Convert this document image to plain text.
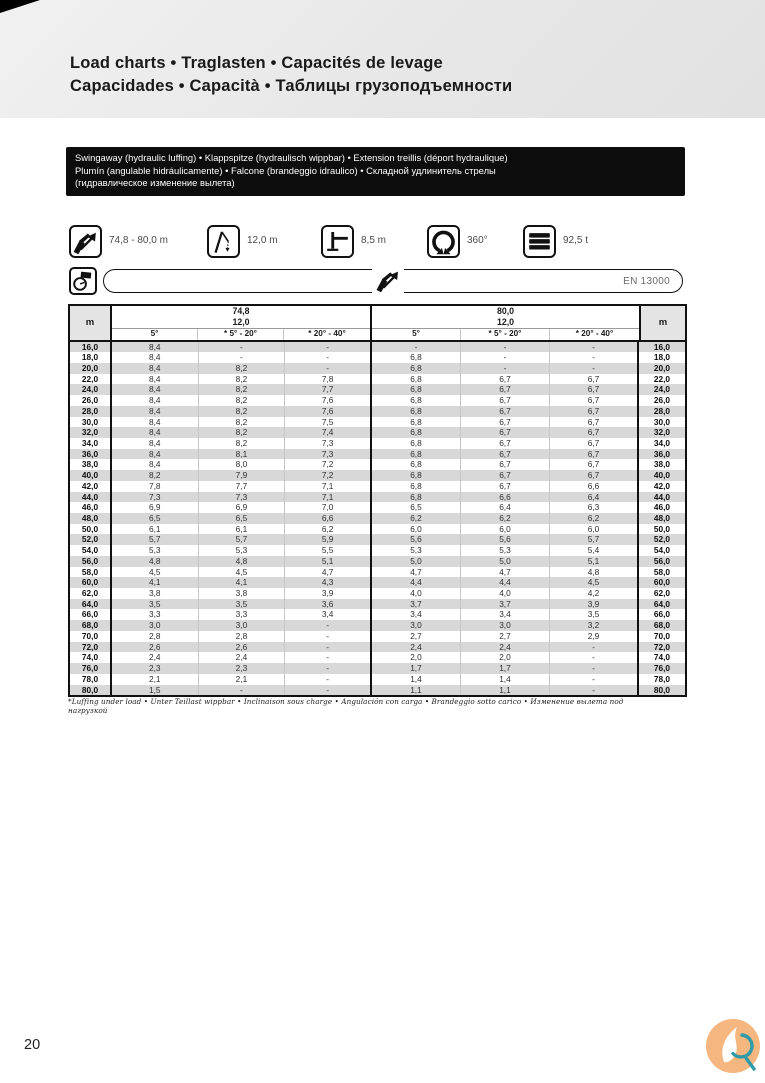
Load charts • Traglasten • Capacités de levage
Capacidades • Capacità • Таблицы грузоподъемности
Swingaway (hydraulic luffing) • Klappspitze (hydraulisch wippbar) • Extension treillis (déport hydraulique)
Plumín (angulable hidráulicamente) • Falcone (brandeggio idraulico) • Складной удлинитель стрелы
(гидравлическое изменение вылета)
74,8 - 80,0 m	12,0 m	8,5 m	360°	92,5 t
EN 13000
m
74,8
12,0
5°	* 5° - 20°	* 20° - 40°
80,0
12,0
5°	* 5° - 20°	* 20° - 40°
m
16,0	8,4	-	-	-	-	-	16,0
18,0	8,4	-	-	6,8	-	-	18,0
20,0	8,4	8,2	-	6,8	-	-	20,0
22,0	8,4	8,2	7,8	6,8	6,7	6,7	22,0
24,0	8,4	8,2	7,7	6,8	6,7	6,7	24,0
26,0	8,4	8,2	7,6	6,8	6,7	6,7	26,0
28,0	8,4	8,2	7,6	6,8	6,7	6,7	28,0
30,0	8,4	8,2	7,5	6,8	6,7	6,7	30,0
32,0	8,4	8,2	7,4	6,8	6,7	6,7	32,0
34,0	8,4	8,2	7,3	6,8	6,7	6,7	34,0
36,0	8,4	8,1	7,3	6,8	6,7	6,7	36,0
38,0	8,4	8,0	7,2	6,8	6,7	6,7	38,0
40,0	8,2	7,9	7,2	6,8	6,7	6,7	40,0
42,0	7,8	7,7	7,1	6,8	6,7	6,6	42,0
44,0	7,3	7,3	7,1	6,8	6,6	6,4	44,0
46,0	6,9	6,9	7,0	6,5	6,4	6,3	46,0
48,0	6,5	6,5	6,6	6,2	6,2	6,2	48,0
50,0	6,1	6,1	6,2	6,0	6,0	6,0	50,0
52,0	5,7	5,7	5,9	5,6	5,6	5,7	52,0
54,0	5,3	5,3	5,5	5,3	5,3	5,4	54,0
56,0	4,8	4,8	5,1	5,0	5,0	5,1	56,0
58,0	4,5	4,5	4,7	4,7	4,7	4,8	58,0
60,0	4,1	4,1	4,3	4,4	4,4	4,5	60,0
62,0	3,8	3,8	3,9	4,0	4,0	4,2	62,0
64,0	3,5	3,5	3,6	3,7	3,7	3,9	64,0
66,0	3,3	3,3	3,4	3,4	3,4	3,5	66,0
68,0	3,0	3,0	-	3,0	3,0	3,2	68,0
70,0	2,8	2,8	-	2,7	2,7	2,9	70,0
72,0	2,6	2,6	-	2,4	2,4	-	72,0
74,0	2,4	2,4	-	2,0	2,0	-	74,0
76,0	2,3	2,3	-	1,7	1,7	-	76,0
78,0	2,1	2,1	-	1,4	1,4	-	78,0
80,0	1,5	-	-	1,1	1,1	-	80,0
*Luffing under load • Unter Teillast wippbar • Inclinaison sous charge • Angulación con carga • Brandeggio sotto carico • Изменение вылета под нагрузкой
20
